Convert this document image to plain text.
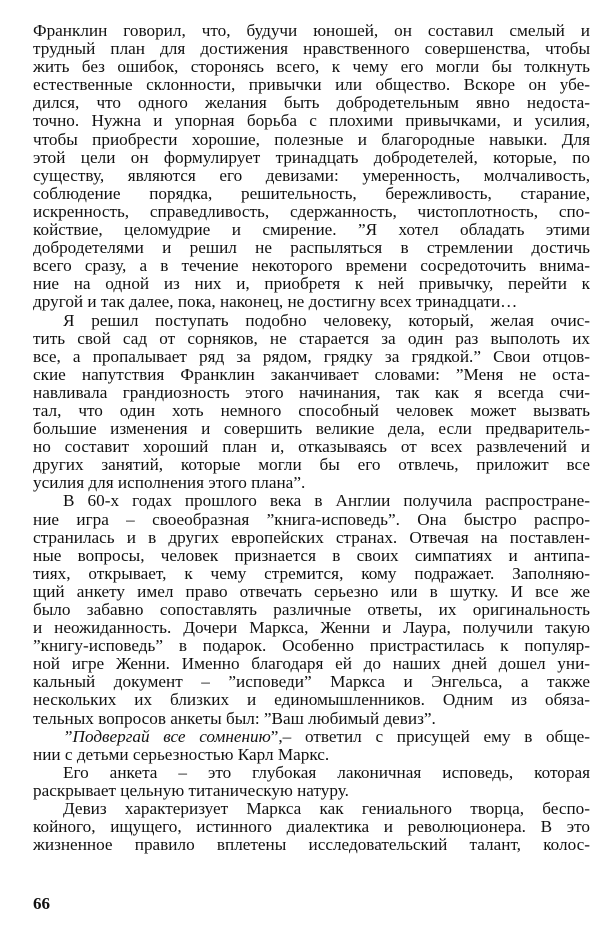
Франклин говорил, что, будучи юношей, он составил смелый и
трудный план для достижения нравственного совершенства, чтобы
жить без ошибок, сторонясь всего, к чему его могли бы толкнуть
естественные склонности, привычки или общество. Вскоре он убе-
дился, что одного желания быть добродетельным явно недоста-
точно. Нужна и упорная борьба с плохими привычками, и усилия,
чтобы приобрести хорошие, полезные и благородные навыки. Для
этой цели он формулирует тринадцать добродетелей, которые, по
существу, являются его девизами: умеренность, молчаливость,
соблюдение порядка, решительность, бережливость, старание,
искренность, справедливость, сдержанность, чистоплотность, спо-
койствие, целомудрие и смирение. ”Я хотел обладать этими
добродетелями и решил не распыляться в стремлении достичь
всего сразу, а в течение некоторого времени сосредоточить внима-
ние на одной из них и, приобретя к ней привычку, перейти к
другой и так далее, пока, наконец, не достигну всех тринадцати…
Я решил поступать подобно человеку, который, желая очис-
тить свой сад от сорняков, не старается за один раз выполоть их
все, а пропалывает ряд за рядом, грядку за грядкой.” Свои отцов-
ские напутствия Франклин заканчивает словами: ”Меня не оста-
навливала грандиозность этого начинания, так как я всегда счи-
тал, что один хоть немного способный человек может вызвать
большие изменения и совершить великие дела, если предваритель-
но составит хороший план и, отказываясь от всех развлечений и
других занятий, которые могли бы его отвлечь, приложит все
усилия для исполнения этого плана”.
В 60-х годах прошлого века в Англии получила распростране-
ние игра – своеобразная ”книга-исповедь”. Она быстро распро-
странилась и в других европейских странах. Отвечая на поставлен-
ные вопросы, человек признается в своих симпатиях и антипа-
тиях, открывает, к чему стремится, кому подражает. Заполняю-
щий анкету имел право отвечать серьезно или в шутку. И все же
было забавно сопоставлять различные ответы, их оригинальность
и неожиданность. Дочери Маркса, Женни и Лаура, получили такую
”книгу-исповедь” в подарок. Особенно пристрастилась к популяр-
ной игре Женни. Именно благодаря ей до наших дней дошел уни-
кальный документ – ”исповеди” Маркса и Энгельса, а также
нескольких их близких и единомышленников. Одним из обяза-
тельных вопросов анкеты был: ”Ваш любимый девиз”.
”Подвергай все сомнению”,– ответил с присущей ему в обще-
нии с детьми серьезностью Карл Маркс.
Его анкета – это глубокая лаконичная исповедь, которая
раскрывает цельную титаническую натуру.
Девиз характеризует Маркса как гениального творца, беспо-
койного, ищущего, истинного диалектика и революционера. В это
жизненное правило вплетены исследовательский талант, колос-
66
